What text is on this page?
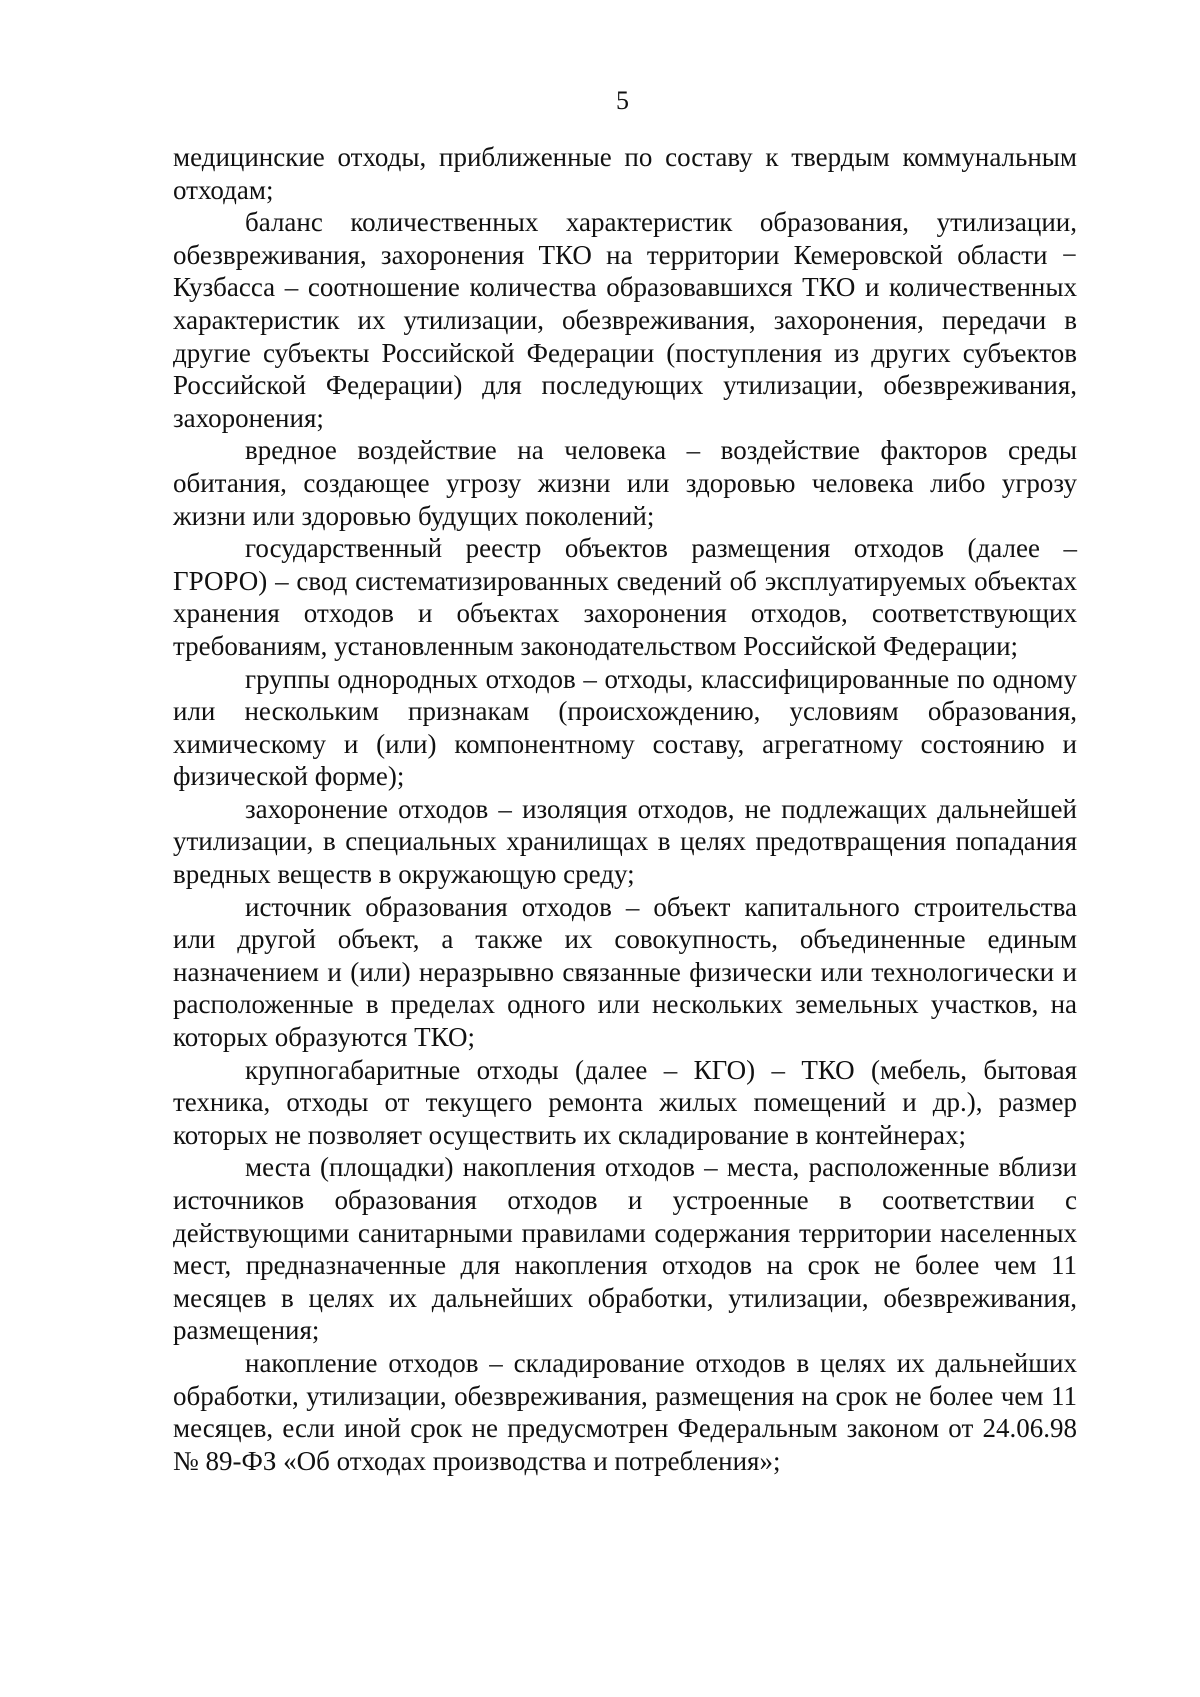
5

медицинские отходы, приближенные по составу к твердым коммунальным отходам;

баланс количественных характеристик образования, утилизации, обезвреживания, захоронения ТКО на территории Кемеровской области − Кузбасса – соотношение количества образовавшихся ТКО и количественных характеристик их утилизации, обезвреживания, захоронения, передачи в другие субъекты Российской Федерации (поступления из других субъектов Российской Федерации) для последующих утилизации, обезвреживания, захоронения;

вредное воздействие на человека – воздействие факторов среды обитания, создающее угрозу жизни или здоровью человека либо угрозу жизни или здоровью будущих поколений;

государственный реестр объектов размещения отходов (далее – ГРОРО) – свод систематизированных сведений об эксплуатируемых объектах хранения отходов и объектах захоронения отходов, соответствующих требованиям, установленным законодательством Российской Федерации;

группы однородных отходов – отходы, классифицированные по одному или нескольким признакам (происхождению, условиям образования, химическому и (или) компонентному составу, агрегатному состоянию и физической форме);

захоронение отходов – изоляция отходов, не подлежащих дальнейшей утилизации, в специальных хранилищах в целях предотвращения попадания вредных веществ в окружающую среду;

источник образования отходов – объект капитального строительства или другой объект, а также их совокупность, объединенные единым назначением и (или) неразрывно связанные физически или технологически и расположенные в пределах одного или нескольких земельных участков, на которых образуются ТКО;

крупногабаритные отходы (далее – КГО) – ТКО (мебель, бытовая техника, отходы от текущего ремонта жилых помещений и др.), размер которых не позволяет осуществить их складирование в контейнерах;

места (площадки) накопления отходов – места, расположенные вблизи источников образования отходов и устроенные в соответствии с действующими санитарными правилами содержания территории населенных мест, предназначенные для накопления отходов на срок не более чем 11 месяцев в целях их дальнейших обработки, утилизации, обезвреживания, размещения;

накопление отходов – складирование отходов в целях их дальнейших обработки, утилизации, обезвреживания, размещения на срок не более чем 11 месяцев, если иной срок не предусмотрен Федеральным законом от 24.06.98 № 89-ФЗ «Об отходах производства и потребления»;
